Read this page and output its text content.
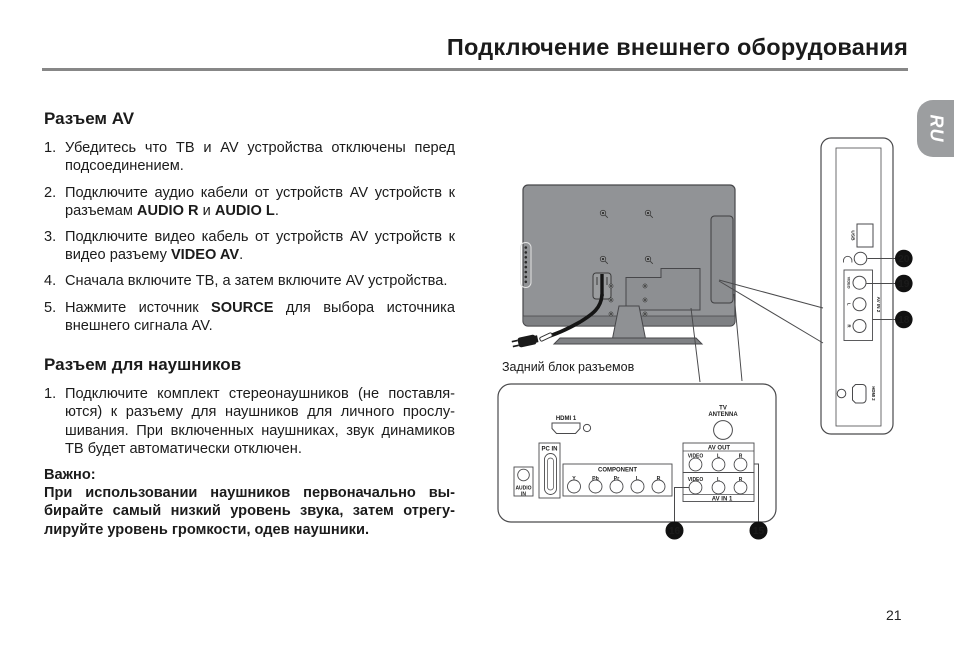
Подключение внешнего оборудования
Разъем AV
1. Убедитесь что ТВ и AV устройства отключены перед
подсоединением.
2. Подключите аудио кабели от устройств AV устройств к
разъемам AUDIO R и AUDIO L.
3. Подключите видео кабель от устройств AV устройств к
видео разъему VIDEO AV.
4. Сначала включите ТВ, а затем включите AV устройства.
5. Нажмите источник SOURCE для выбора источника
внешнего сигнала AV.
Разъем для наушников
1. Подключите комплект стереонаушников (не поставля-
ются) к разъему для наушников для личного прослу-
шивания. При включенных наушниках, звук динамиков
ТВ будет автоматически отключен.
Важно:
При использовании наушников первоначально вы-
бирайте самый низкий уровень звука, затем отрегу-
лируйте уровень громкости, одев наушники.
Задний блок разъемов
HDMI 1
PC IN
AUDIO
IN
COMPONENT
Y	Pb	Pr	L	R
TV
ANTENNA
AV OUT
VIDEO	L	R
VIDEO	L	R
AV IN 1
16	15
USB
VIDEO
L
R
AV IN 2
HDMI 2
20
19
18
RU
21
